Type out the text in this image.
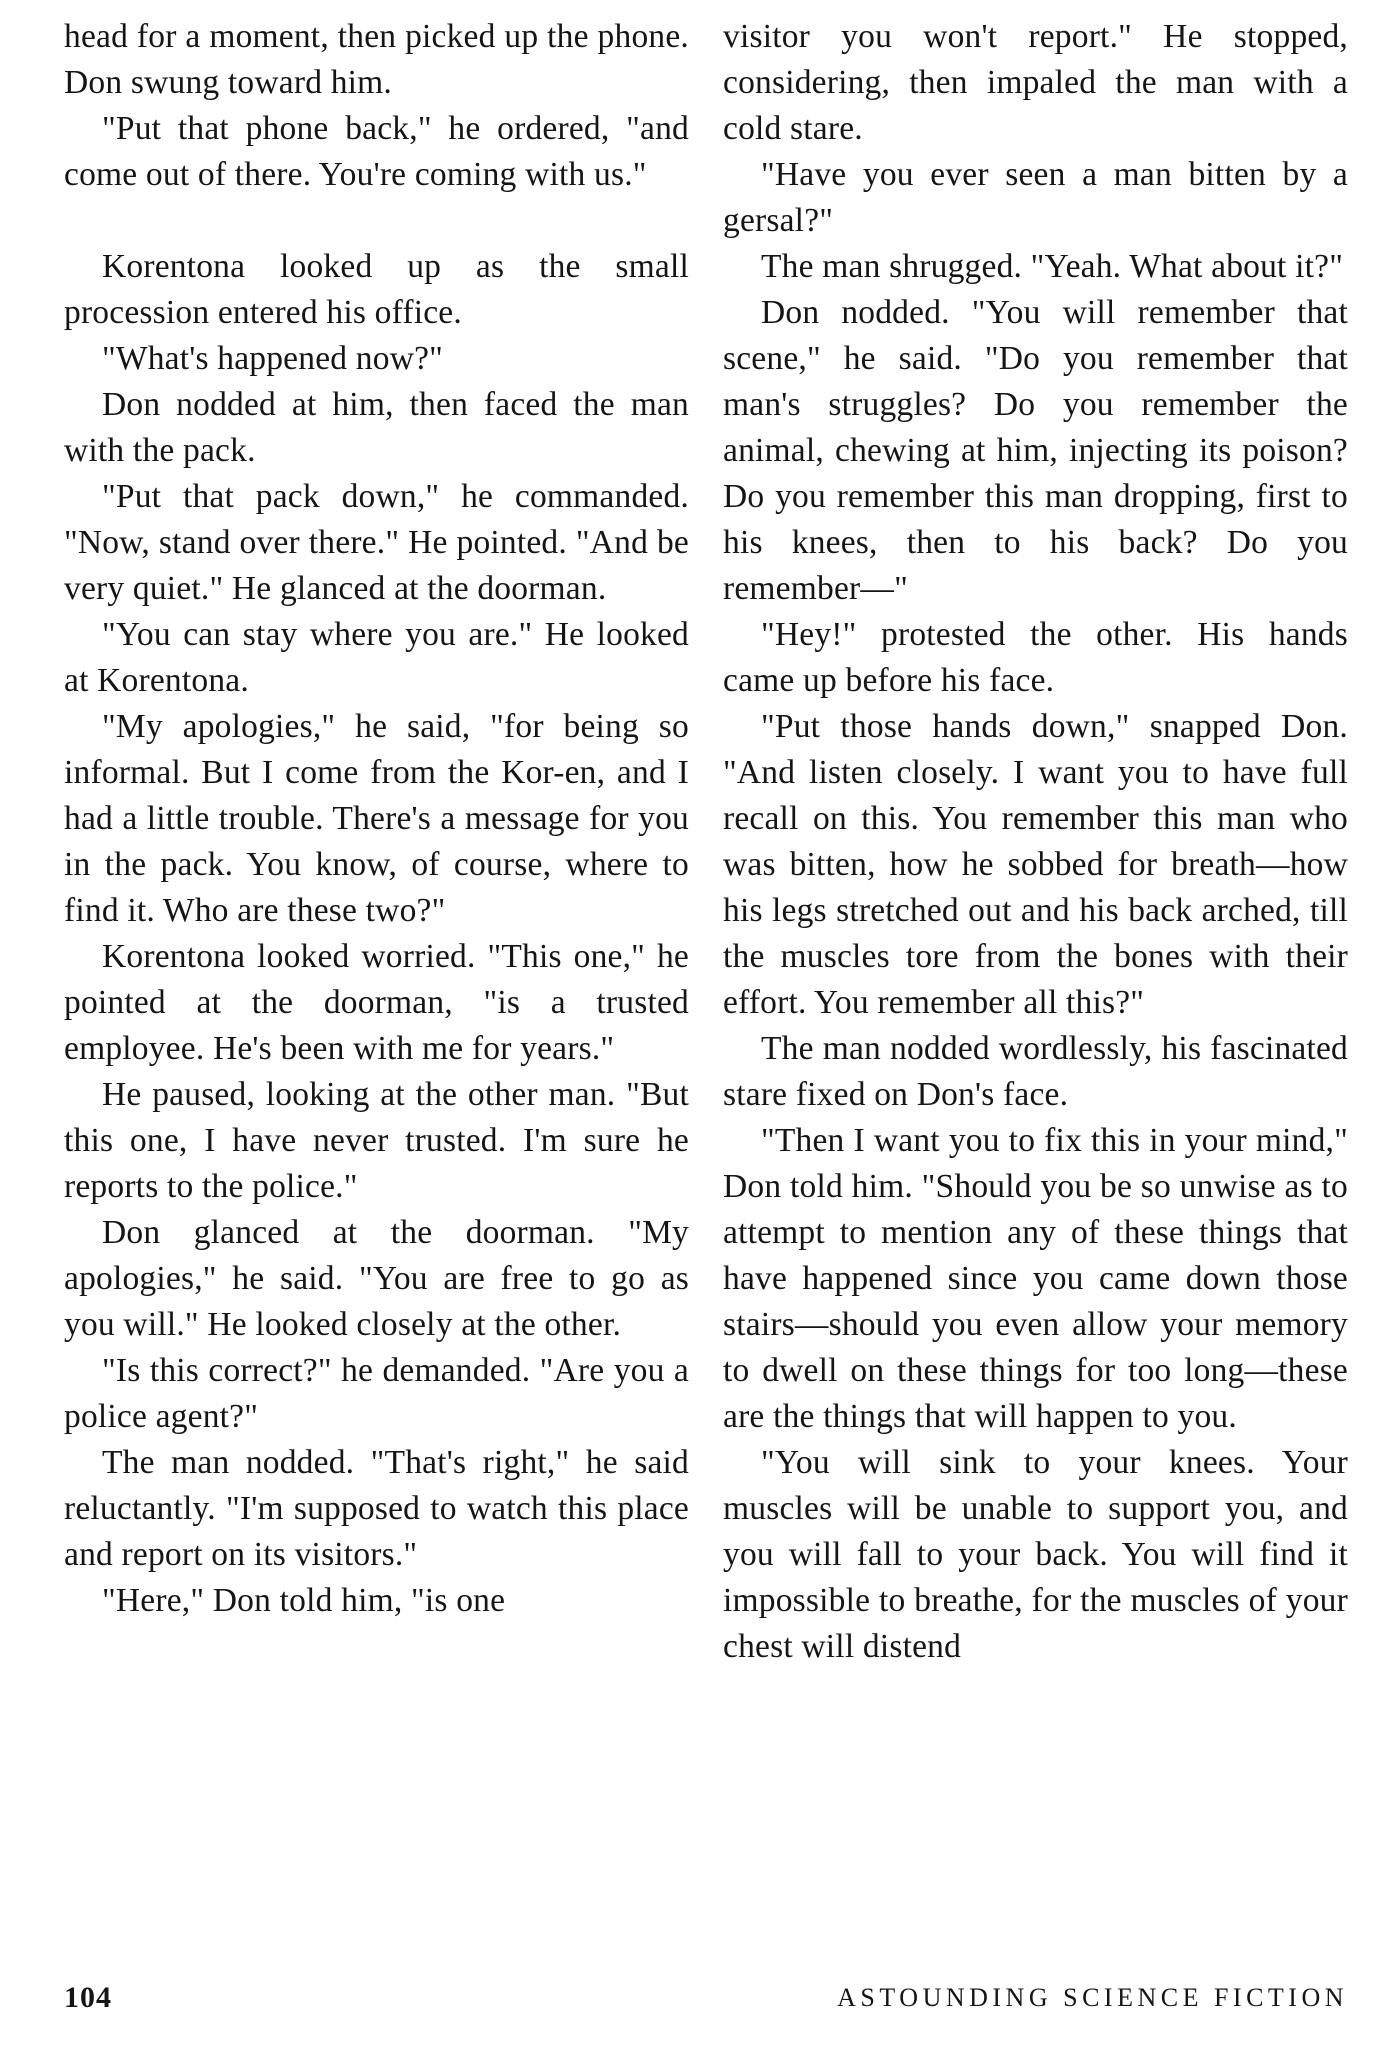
head for a moment, then picked up the phone. Don swung toward him.

"Put that phone back," he ordered, "and come out of there. You're coming with us."

Korentona looked up as the small procession entered his office.

"What's happened now?"

Don nodded at him, then faced the man with the pack.

"Put that pack down," he commanded. "Now, stand over there." He pointed. "And be very quiet." He glanced at the doorman.

"You can stay where you are." He looked at Korentona.

"My apologies," he said, "for being so informal. But I come from the Kor-en, and I had a little trouble. There's a message for you in the pack. You know, of course, where to find it. Who are these two?"

Korentona looked worried. "This one," he pointed at the doorman, "is a trusted employee. He's been with me for years."

He paused, looking at the other man. "But this one, I have never trusted. I'm sure he reports to the police."

Don glanced at the doorman. "My apologies," he said. "You are free to go as you will." He looked closely at the other.

"Is this correct?" he demanded. "Are you a police agent?"

The man nodded. "That's right," he said reluctantly. "I'm supposed to watch this place and report on its visitors."

"Here," Don told him, "is one

visitor you won't report." He stopped, considering, then impaled the man with a cold stare.

"Have you ever seen a man bitten by a gersal?"

The man shrugged. "Yeah. What about it?"

Don nodded. "You will remember that scene," he said. "Do you remember that man's struggles? Do you remember the animal, chewing at him, injecting its poison? Do you remember this man dropping, first to his knees, then to his back? Do you remember—"

"Hey!" protested the other. His hands came up before his face.

"Put those hands down," snapped Don. "And listen closely. I want you to have full recall on this. You remember this man who was bitten, how he sobbed for breath—how his legs stretched out and his back arched, till the muscles tore from the bones with their effort. You remember all this?"

The man nodded wordlessly, his fascinated stare fixed on Don's face.

"Then I want you to fix this in your mind," Don told him. "Should you be so unwise as to attempt to mention any of these things that have happened since you came down those stairs—should you even allow your memory to dwell on these things for too long—these are the things that will happen to you.

"You will sink to your knees. Your muscles will be unable to support you, and you will fall to your back. You will find it impossible to breathe, for the muscles of your chest will distend

104	ASTOUNDING SCIENCE FICTION
